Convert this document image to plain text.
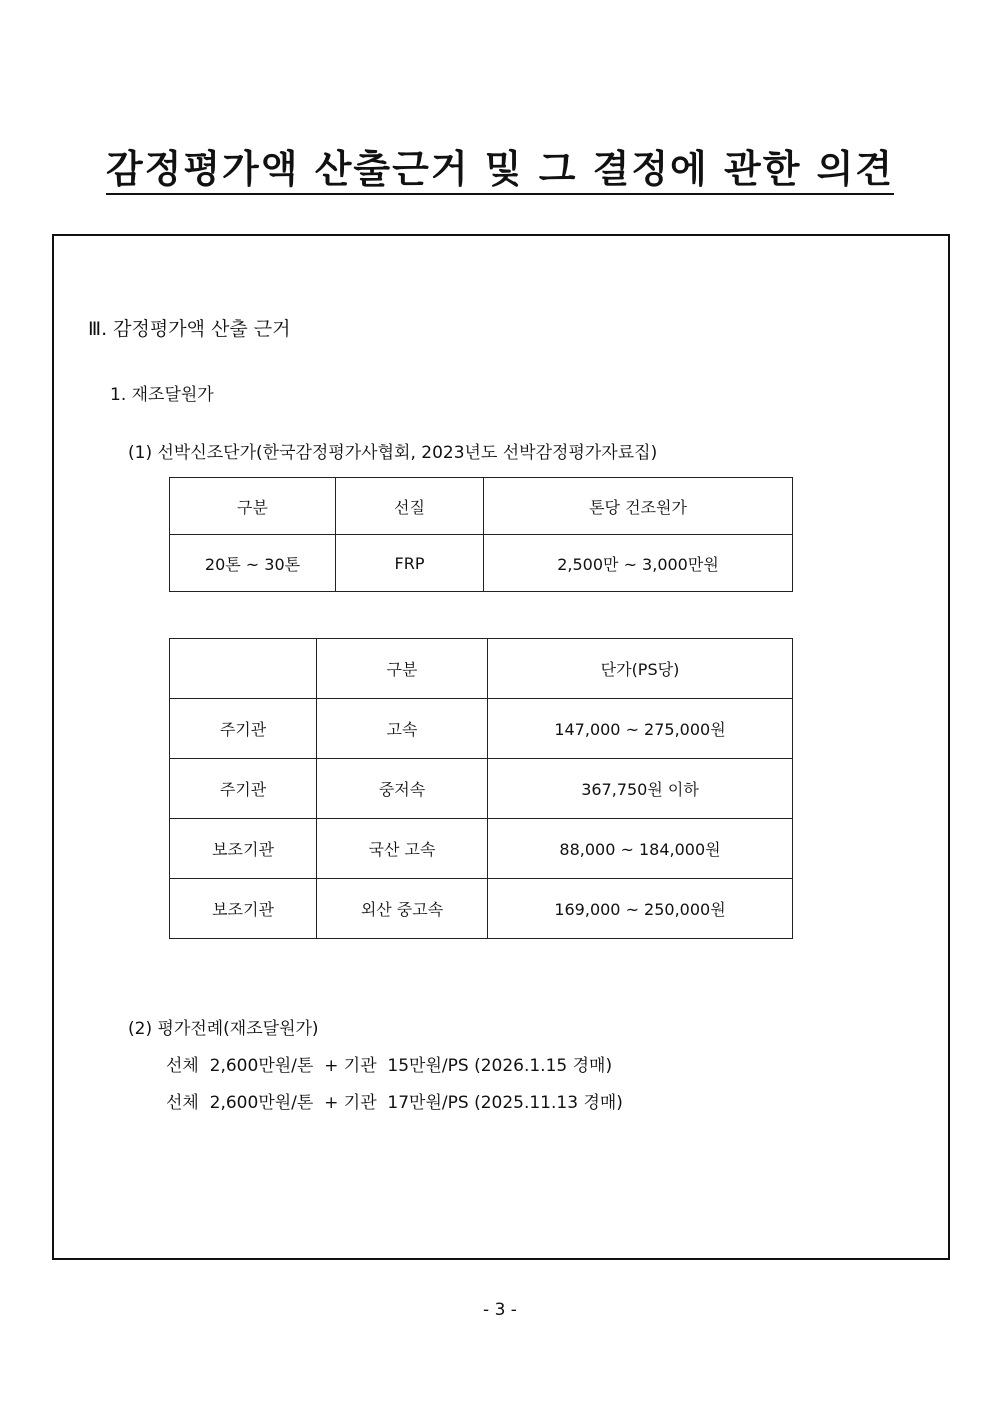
감정평가액 산출근거 및 그 결정에 관한 의견
Ⅲ. 감정평가액 산출 근거
1. 재조달원가
(1) 선박신조단가(한국감정평가사협회, 2023년도 선박감정평가자료집)
구분	선질	톤당 건조원가
20톤 ~ 30톤	FRP	2,500만 ~ 3,000만원
	구분	단가(PS당)
주기관	고속	147,000 ~ 275,000원
주기관	중저속	367,750원 이하
보조기관	국산 고속	88,000 ~ 184,000원
보조기관	외산 중고속	169,000 ~ 250,000원
(2) 평가전례(재조달원가)
선체  2,600만원/톤  + 기관  15만원/PS (2026.1.15 경매)
선체  2,600만원/톤  + 기관  17만원/PS (2025.11.13 경매)
- 3 -
